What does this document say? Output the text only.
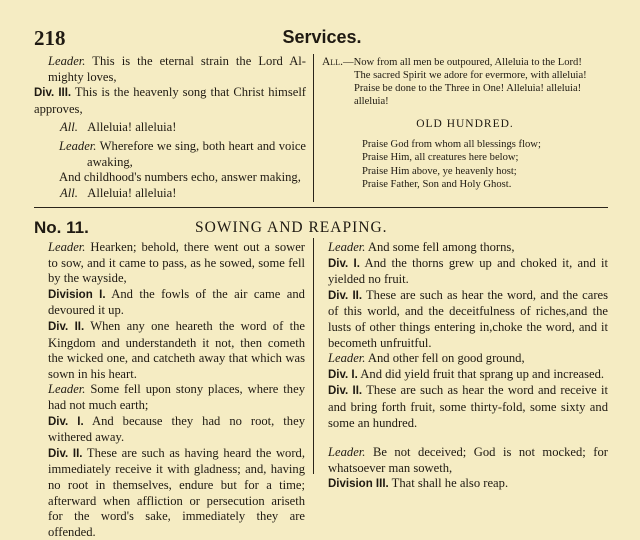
218	Services.

Leader. This is the eternal strain the Lord Al-mighty loves,

Div. III. This is the heavenly song that Christ himself approves,

All. Alleluia! alleluia!

Leader. Wherefore we sing, both heart and voice awaking,

And childhood's numbers echo, answer making,

All. Alleluia! alleluia!

All.—Now from all men be outpoured, Alleluia to the Lord!

The sacred Spirit we adore for evermore, with alleluia!

Praise be done to the Three in One! Alleluia! alleluia! alleluia!

OLD HUNDRED.
Praise God from whom all blessings flow;
Praise Him, all creatures here below;
Praise Him above, ye heavenly host;
Praise Father, Son and Holy Ghost.
No. 11.	SOWING AND REAPING.

Leader. Hearken; behold, there went out a sower to sow, and it came to pass, as he sowed, some fell by the wayside,

Division I. And the fowls of the air came and devoured it up.

Div. II. When any one heareth the word of the Kingdom and understandeth it not, then cometh the wicked one, and catcheth away that which was sown in his heart.

Leader. Some fell upon stony places, where they had not much earth;

Div. I. And because they had no root, they withered away.

Div. II. These are such as having heard the word, immediately receive it with gladness; and, having no root in themselves, endure but for a time; afterward when affliction or persecution ariseth for the word's sake, immediately they are offended.

Leader. And some fell among thorns,

Div. I. And the thorns grew up and choked it, and it yielded no fruit.

Div. II. These are such as hear the word, and the cares of this world, and the deceitfulness of riches,and the lusts of other things entering in,choke the word, and it becometh unfruitful.

Leader. And other fell on good ground,

Div. I. And did yield fruit that sprang up and increased.

Div. II. These are such as hear the word and receive it and bring forth fruit, some thirty-fold, some sixty and some an hundred.

Leader. Be not deceived; God is not mocked; for whatsoever man soweth,

Division III. That shall he also reap.
